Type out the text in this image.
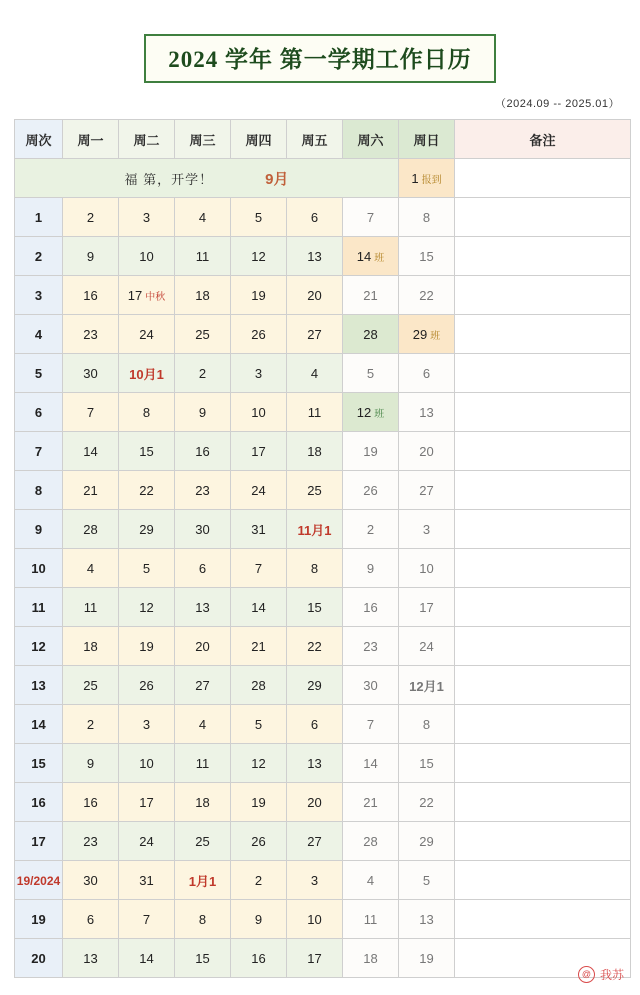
2024 学年 第一学期工作日历
（2024.09 -- 2025.01）
周次	周一	周二	周三	周四	周五	周六	周日	备注

福 第，开学！ 9月							1 报到	

1	2	3	4	5	6	7	8	
2	9	10	11	12	13	14 班	15	
3	16	17 中秋	18	19	20	21	22	
4	23	24	25	26	27	28	29 班	

5	30	10月1	2	3	4	5	6	
6	7	8	9	10	11	12 班	13	
7	14	15	16	17	18	19	20	
8	21	22	23	24	25	26	27	
9	28	29	30	31	11月1	2	3	
10	4	5	6	7	8	9	10	
11	11	12	13	14	15	16	17	
12	18	19	20	21	22	23	24	
13	25	26	27	28	29	30	12月1	
14	2	3	4	5	6	7	8	
15	9	10	11	12	13	14	15	
16	16	17	18	19	20	21	22	
17	23	24	25	26	27	28	29	
19/2024	30	31	1月1	2	3	4	5	
19	6	7	8	9	10	11	13	
20	13	14	15	16	17	18	19	
@ 我苏
